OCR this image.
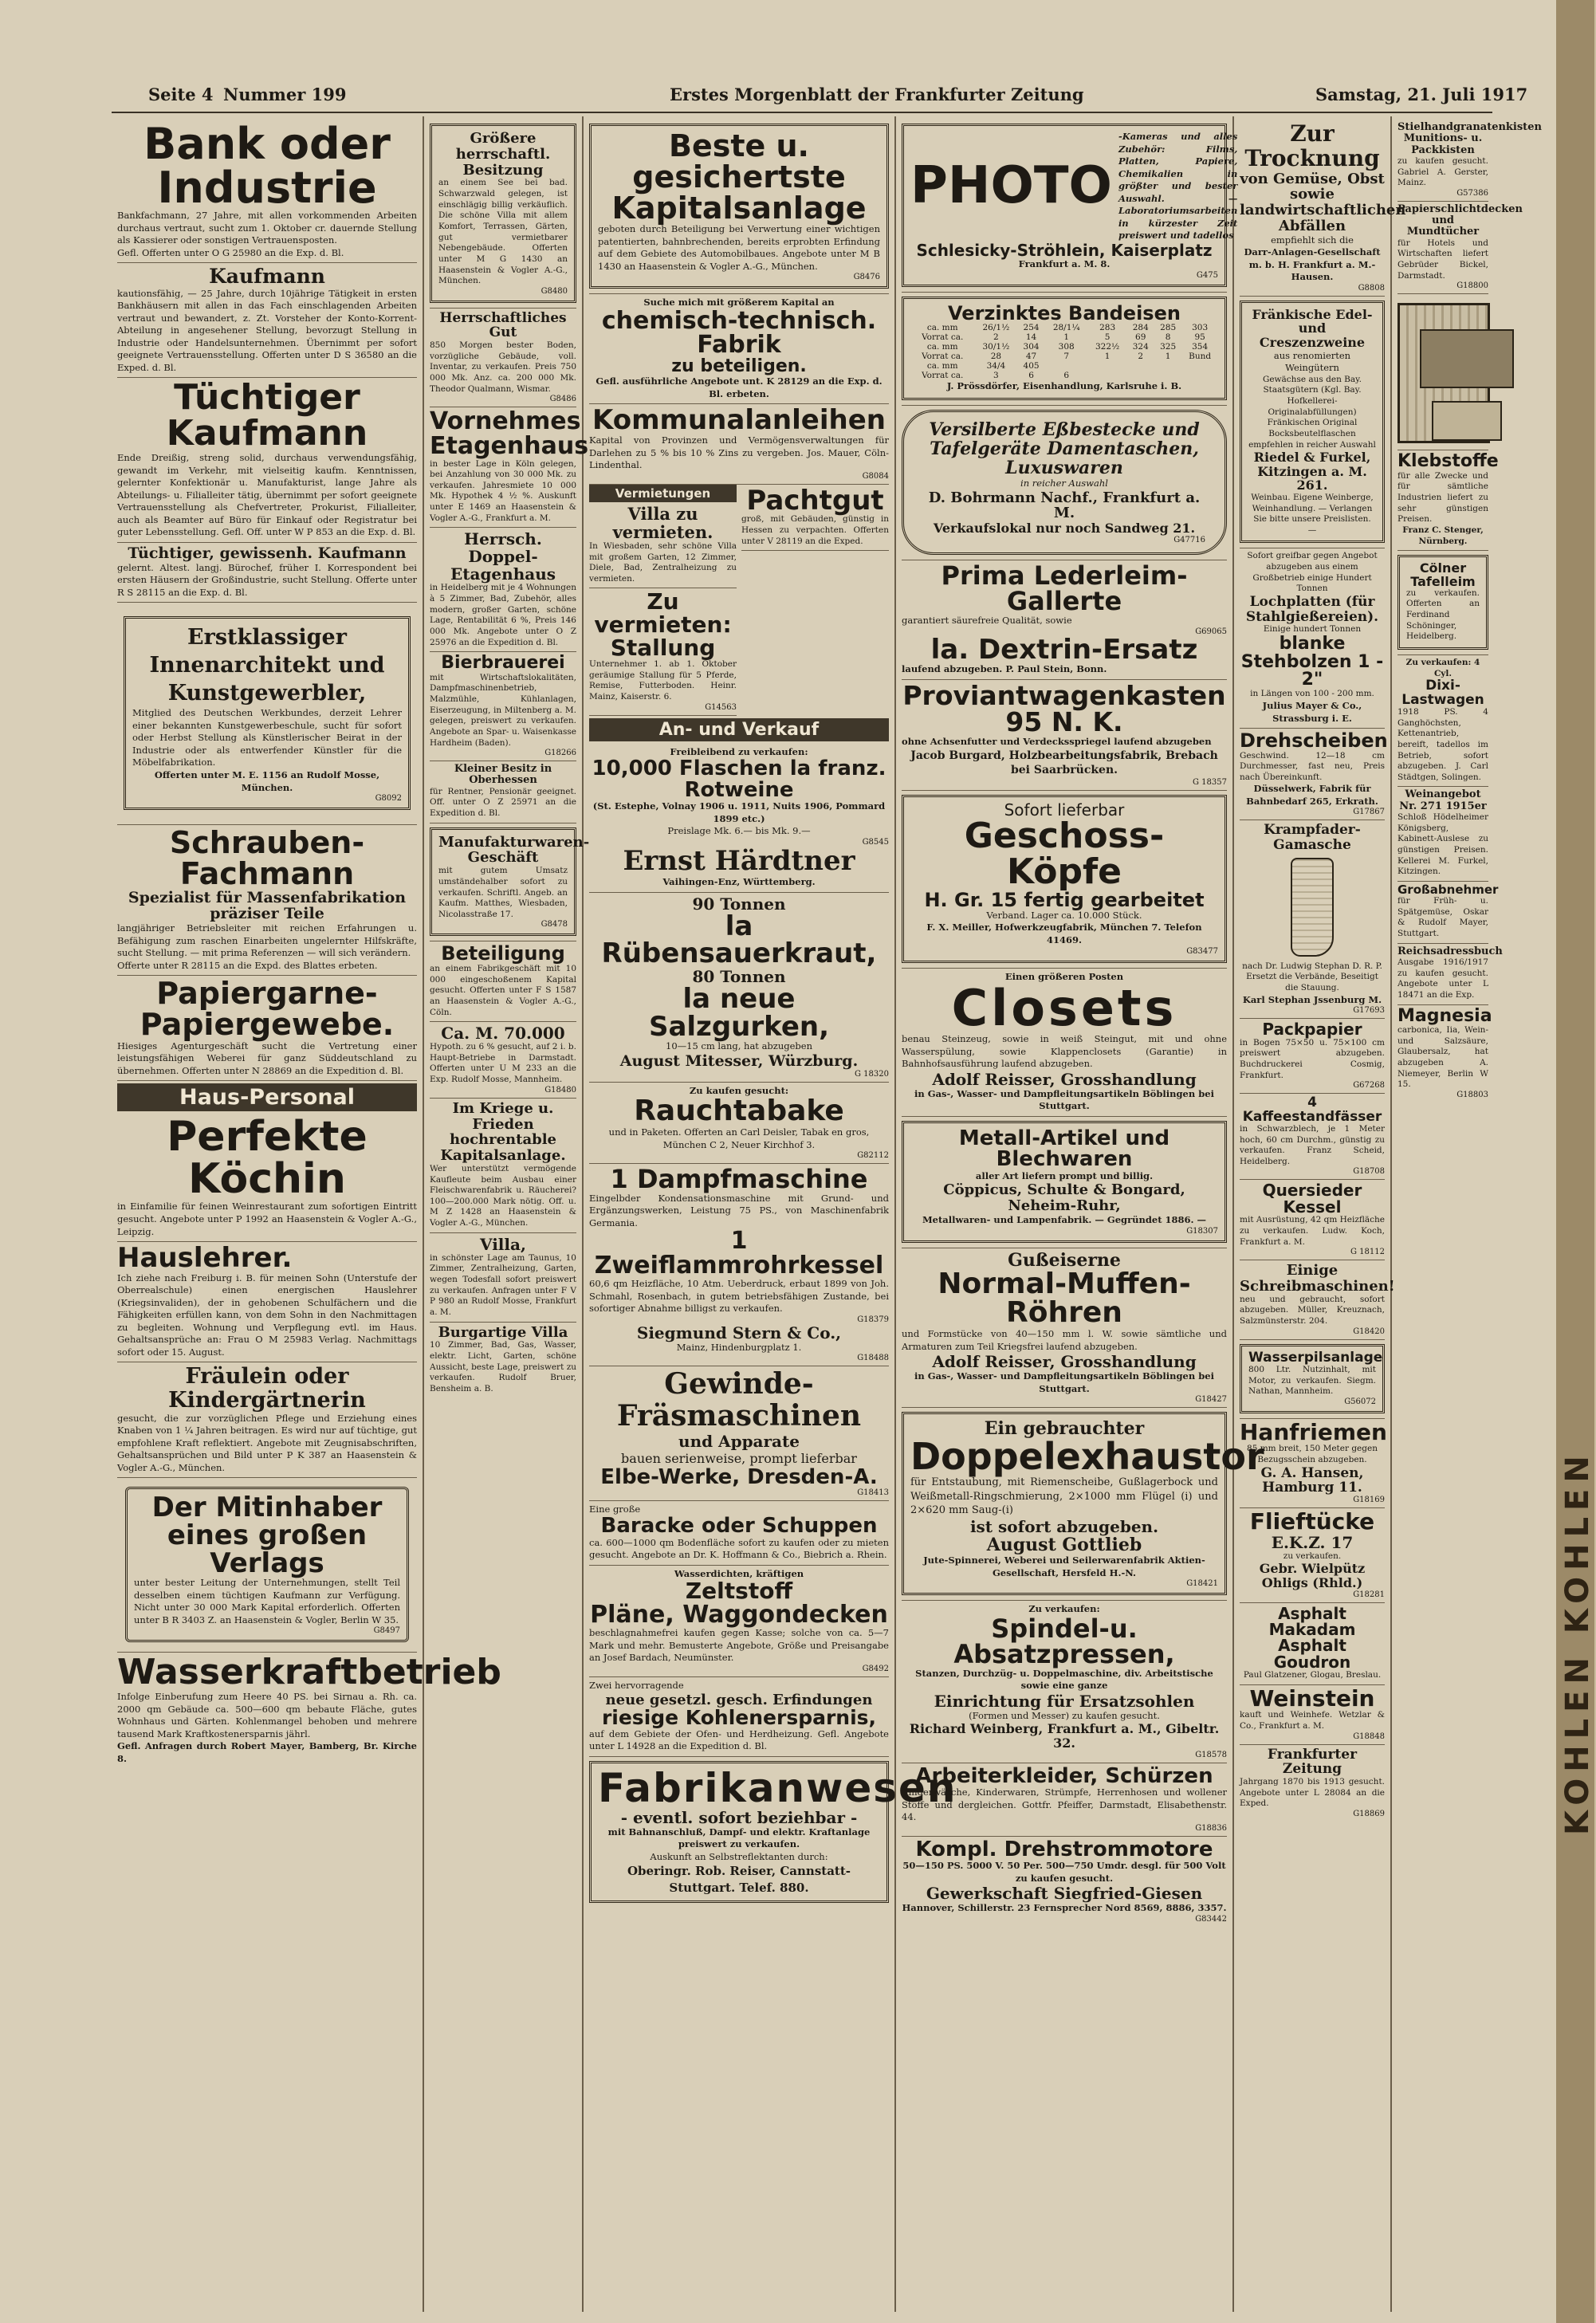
Seite 4 Nummer 199	Erstes Morgenblatt der Frankfurter Zeitung	Samstag, 21. Juli 1917
Bank oder Industrie
Bankfachmann, 27 Jahre, mit allen vorkommenden Arbeiten durchaus vertraut, sucht zum 1. Oktober cr. dauernde Stellung als Kassierer oder sonstigen Vertrauensposten.
Gefl. Offerten unter O G 25980 an die Exp. d. Bl.
Kaufmann
kautionsfähig, — 25 Jahre, durch 10jährige Tätigkeit in ersten Bankhäusern mit allen in das Fach einschlagenden Arbeiten vertraut und bewandert, z. Zt. Vorsteher der Konto-Korrent-Abteilung in angesehener Stellung, bevorzugt Stellung in Industrie oder Handelsunternehmen. Übernimmt per sofort geeignete Vertrauensstellung. Offerten unter D S 36580 an die Exped. d. Bl.
Tüchtiger Kaufmann
Ende Dreißig, streng solid, durchaus verwendungsfähig, gewandt im Verkehr, mit vielseitig kaufm. Kenntnissen, gelernter Konfektionär u. Manufakturist, lange Jahre als Abteilungs- u. Filialleiter tätig, übernimmt per sofort geeignete Vertrauensstellung als Chefvertreter, Prokurist, Filialleiter, auch als Beamter auf Büro für Einkauf oder Registratur bei guter Lebensstellung. Gefl. Off. unter W P 853 an die Exp. d. Bl.
Tüchtiger, gewissenh. Kaufmann
gelernt. Altest. langj. Bürochef, früher I. Korrespondent bei ersten Häusern der Großindustrie, sucht Stellung. Offerte unter R S 28115 an die Exp. d. Bl.
Erstklassiger Innenarchitekt und Kunstgewerbler,
Mitglied des Deutschen Werkbundes, derzeit Lehrer einer bekannten Kunstgewerbeschule, sucht für sofort oder Herbst Stellung als Künstlerischer Beirat in der Industrie oder als entwerfender Künstler für die Möbelfabrikation.
Offerten unter M. E. 1156 an Rudolf Mosse, München.
G8092
Schrauben-Fachmann
Spezialist für Massenfabrikation präziser Teile
langjähriger Betriebsleiter mit reichen Erfahrungen u. Befähigung zum raschen Einarbeiten ungelernter Hilfskräfte, sucht Stellung. — mit prima Referenzen — will sich verändern.
Offerte unter R 28115 an die Expd. des Blattes erbeten.
Papiergarne- Papiergewebe.
Hiesiges Agenturgeschäft sucht die Vertretung einer leistungsfähigen Weberei für ganz Süddeutschland zu übernehmen. Offerten unter N 28869 an die Expedition d. Bl.
Haus-Personal
Perfekte Köchin
in Einfamilie für feinen Weinrestaurant zum sofortigen Eintritt gesucht. Angebote unter P 1992 an Haasenstein & Vogler A.-G., Leipzig.
Hauslehrer.
Ich ziehe nach Freiburg i. B. für meinen Sohn (Unterstufe der Oberrealschule) einen energischen Hauslehrer (Kriegsinvaliden), der in gehobenen Schulfächern und die Fähigkeiten erfüllen kann, von dem Sohn in den Nachmittagen zu begleiten. Wohnung und Verpflegung evtl. im Haus. Gehaltsansprüche an: Frau O M 25983 Verlag. Nachmittags sofort oder 15. August.
Fräulein oder Kindergärtnerin
gesucht, die zur vorzüglichen Pflege und Erziehung eines Knaben von 1 ¼ Jahren beitragen. Es wird nur auf tüchtige, gut empfohlene Kraft reflektiert. Angebote mit Zeugnisabschriften, Gehaltsansprüchen und Bild unter P K 387 an Haasenstein & Vogler A.-G., München.
Der Mitinhaber eines großen Verlags
unter bester Leitung der Unternehmungen, stellt Teil desselben einem tüchtigen Kaufmann zur Verfügung. Nicht unter 30 000 Mark Kapital erforderlich. Offerten unter B R 3403 Z. an Haasenstein & Vogler, Berlin W 35.
G8497
Wasserkraftbetrieb
Infolge Einberufung zum Heere 40 PS. bei Sirnau a. Rh. ca. 2000 qm Gebäude ca. 500—600 qm bebaute Fläche, gutes Wohnhaus und Gärten. Kohlenmangel behoben und mehrere tausend Mark Kraftkostenersparnis jährl.
Gefl. Anfragen durch Robert Mayer, Bamberg, Br. Kirche 8.
Größere herrschaftl. Besitzung
an einem See bei bad. Schwarzwald gelegen, ist einschlägig billig verkäuflich. Die schöne Villa mit allem Komfort, Terrassen, Gärten, gut vermietbarer Nebengebäude. Offerten unter M G 1430 an Haasenstein & Vogler A.-G., München.
G8480
Herrschaftliches Gut
850 Morgen bester Boden, vorzügliche Gebäude, voll. Inventar, zu verkaufen. Preis 750 000 Mk. Anz. ca. 200 000 Mk. Theodor Qualmann, Wismar.
G8486
Vornehmes Etagenhaus
in bester Lage in Köln gelegen, bei Anzahlung von 30 000 Mk. zu verkaufen. Jahresmiete 10 000 Mk. Hypothek 4 ½ %. Auskunft unter E 1469 an Haasenstein & Vogler A.-G., Frankfurt a. M.
Herrsch. Doppel-Etagenhaus
in Heidelberg mit je 4 Wohnungen à 5 Zimmer, Bad, Zubehör, alles modern, großer Garten, schöne Lage, Rentabilität 6 %, Preis 146 000 Mk. Angebote unter O Z 25976 an die Expedition d. Bl.
Bierbrauerei
mit Wirtschaftslokalitäten, Dampfmaschinenbetrieb, Malzmühle, Kühlanlagen, Eiserzeugung, in Miltenberg a. M. gelegen, preiswert zu verkaufen. Angebote an Spar- u. Waisenkasse Hardheim (Baden).
G18266
Kleiner Besitz in Oberhessen
für Rentner, Pensionär geeignet. Off. unter O Z 25971 an die Expedition d. Bl.
Manufakturwaren-Geschäft
mit gutem Umsatz umständehalber sofort zu verkaufen. Schriftl. Angeb. an Kaufm. Matthes, Wiesbaden, Nicolasstraße 17.
G8478
Beteiligung
an einem Fabrikgeschäft mit 10 000 eingeschoßenem Kapital gesucht. Offerten unter F S 1587 an Haasenstein & Vogler A.-G., Cöln.
Ca. M. 70.000
Hypoth. zu 6 % gesucht, auf 2 i. b. Haupt-Betriebe in Darmstadt. Offerten unter U M 233 an die Exp. Rudolf Mosse, Mannheim.
G18480
Im Kriege u. Frieden hochrentable Kapitalsanlage.
Wer unterstützt vermögende Kaufleute beim Ausbau einer Fleischwarenfabrik u. Räucherei? 100—200.000 Mark nötig. Off. u. M Z 1428 an Haasenstein & Vogler A.-G., München.
Villa,
in schönster Lage am Taunus, 10 Zimmer, Zentralheizung, Garten, wegen Todesfall sofort preiswert zu verkaufen. Anfragen unter F V P 980 an Rudolf Mosse, Frankfurt a. M.
Burgartige Villa
10 Zimmer, Bad, Gas, Wasser, elektr. Licht, Garten, schöne Aussicht, beste Lage, preiswert zu verkaufen. Rudolf Bruer, Bensheim a. B.
Beste u. gesichertste Kapitalsanlage
geboten durch Beteiligung bei Verwertung einer wichtigen patentierten, bahnbrechenden, bereits erprobten Erfindung auf dem Gebiete des Automobilbaues. Angebote unter M B 1430 an Haasenstein & Vogler A.-G., München.
G8476
Suche mich mit größerem Kapital an
chemisch-technisch. Fabrik
zu beteiligen.
Gefl. ausführliche Angebote unt. K 28129 an die Exp. d. Bl. erbeten.
Kommunalanleihen
Kapital von Provinzen und Vermögensverwaltungen für Darlehen zu 5 % bis 10 % Zins zu vergeben. Jos. Mauer, Cöln-Lindenthal.
G8084
Vermietungen
Villa zu vermieten.
In Wiesbaden, sehr schöne Villa mit großem Garten, 12 Zimmer, Diele, Bad, Zentralheizung zu vermieten.
Zu vermieten: Stallung
Unternehmer 1. ab 1. Oktober geräumige Stallung für 5 Pferde, Remise, Futterboden. Heinr. Mainz, Kaiserstr. 6.
G14563
Pachtgut
groß, mit Gebäuden, günstig in Hessen zu verpachten. Offerten unter V 28119 an die Exped.
An- und Verkauf
Freibleibend zu verkaufen:
10,000 Flaschen la franz. Rotweine
(St. Estephe, Volnay 1906 u. 1911, Nuits 1906, Pommard 1899 etc.)
Preislage Mk. 6.— bis Mk. 9.—
G8545
Ernst Härdtner
Vaihingen-Enz, Württemberg.
90 Tonnen
la Rübensauerkraut,
80 Tonnen
la neue Salzgurken,
10—15 cm lang, hat abzugeben
August Mitesser, Würzburg.
G 18320
Zu kaufen gesucht:
Rauchtabake
und in Paketen. Offerten an Carl Deisler, Tabak en gros, München C 2, Neuer Kirchhof 3.
G82112
1 Dampfmaschine
Eingelbder Kondensationsmaschine mit Grund- und Ergänzungswerken, Leistung 75 PS., von Maschinenfabrik Germania.
1 Zweiflammrohrkessel
60,6 qm Heizfläche, 10 Atm. Ueberdruck, erbaut 1899 von Joh. Schmahl, Rosenbach, in gutem betriebsfähigen Zustande, bei sofortiger Abnahme billigst zu verkaufen.
G18379
Siegmund Stern & Co.,
Mainz, Hindenburgplatz 1.
G18488
Gewinde-Fräsmaschinen
und Apparate
bauen serienweise, prompt lieferbar
Elbe-Werke, Dresden-A.
G18413
Eine große
Baracke oder Schuppen
ca. 600—1000 qm Bodenfläche sofort zu kaufen oder zu mieten gesucht. Angebote an Dr. K. Hoffmann & Co., Biebrich a. Rhein.
Wasserdichten, kräftigen
Zeltstoff
Pläne, Waggondecken
beschlagnahmefrei kaufen gegen Kasse; solche von ca. 5—7 Mark und mehr. Bemusterte Angebote, Größe und Preisangabe an Josef Bardach, Neumünster.
G8492
Zwei hervorragende
neue gesetzl. gesch. Erfindungen
riesige Kohlenersparnis,
auf dem Gebiete der Ofen- und Herdheizung. Gefl. Angebote unter L 14928 an die Expedition d. Bl.
Fabrikanwesen
- eventl. sofort beziehbar -
mit Bahnanschluß, Dampf- und elektr. Kraftanlage preiswert zu verkaufen.
Auskunft an Selbstreflektanten durch:
Oberingr. Rob. Reiser, Cannstatt-Stuttgart. Telef. 880.
PHOTO
-Kameras und alles Zubehör: Films, Platten, Papiere, Chemikalien in größter und bester Auswahl. — Laboratoriumsarbeiten in kürzester Zeit preiswert und tadellos
Schlesicky-Ströhlein, Kaiserplatz
Frankfurt a. M. 8.
G475
Verzinktes Bandeisen
ca. mm	26/1½	254	28/1¼	283	284	285	303
Vorrat ca.	2	14	1	5	69	8	95
ca. mm	30/1½	304	308	322½	324	325	354
Vorrat ca.	28	47	7	1	2	1	Bund
ca. mm	34/4	405					
Vorrat ca.	3	6	6				
J. Prössdörfer, Eisenhandlung, Karlsruhe i. B.
Versilberte Eßbestecke und Tafelgeräte Damentaschen, Luxuswaren
in reicher Auswahl
D. Bohrmann Nachf., Frankfurt a. M.
Verkaufslokal nur noch Sandweg 21.
G47716
Prima Lederleim-Gallerte
garantiert säurefreie Qualität, sowie
G69065
la. Dextrin-Ersatz
laufend abzugeben. P. Paul Stein, Bonn.
Proviantwagenkasten 95 N. K.
ohne Achsenfutter und Verdecksspriegel laufend abzugeben
Jacob Burgard, Holzbearbeitungsfabrik, Brebach bei Saarbrücken.
G 18357
Sofort lieferbar
Geschoss-Köpfe
H. Gr. 15 fertig gearbeitet
Verband. Lager ca. 10.000 Stück.
F. X. Meiller, Hofwerkzeugfabrik, München 7. Telefon 41469.
G83477
Einen größeren Posten
Closets
benau Steinzeug, sowie in weiß Steingut, mit und ohne Wasserspülung, sowie Klappenclosets (Garantie) in Bahnhofsausführung laufend abzugeben.
Adolf Reisser, Grosshandlung
in Gas-, Wasser- und Dampfleitungsartikeln Böblingen bei Stuttgart.
Metall-Artikel und Blechwaren
aller Art liefern prompt und billig.
Cöppicus, Schulte & Bongard, Neheim-Ruhr,
Metallwaren- und Lampenfabrik. — Gegründet 1886. —
G18307
Gußeiserne
Normal-Muffen-Röhren
und Formstücke von 40—150 mm l. W. sowie sämtliche und Armaturen zum Teil Kriegsfrei laufend abzugeben.
Adolf Reisser, Grosshandlung
in Gas-, Wasser- und Dampfleitungsartikeln Böblingen bei Stuttgart.
G18427
Ein gebrauchter
Doppelexhaustor
für Entstaubung, mit Riemenscheibe, Gußlagerbock und Weißmetall-Ringschmierung, 2×1000 mm Flügel (i) und 2×620 mm Saug-(i)
ist sofort abzugeben.
August Gottlieb
Jute-Spinnerei, Weberei und Seilerwarenfabrik Aktien-Gesellschaft, Hersfeld H.-N.
G18421
Zu verkaufen:
Spindel-u. Absatzpressen,
Stanzen, Durchzüg- u. Doppelmaschine, div. Arbeitstische sowie eine ganze
Einrichtung für Ersatzsohlen
(Formen und Messer) zu kaufen gesucht.
Richard Weinberg, Frankfurt a. M., Gibeltr. 32.
G18578
Arbeiterkleider, Schürzen
Kinderwäsche, Kinderwaren, Strümpfe, Herrenhosen und wollener Stoffe und dergleichen. Gottfr. Pfeiffer, Darmstadt, Elisabethenstr. 44.
G18836
Kompl. Drehstrommotore
50—150 PS. 5000 V. 50 Per. 500—750 Umdr. desgl. für 500 Volt zu kaufen gesucht.
Gewerkschaft Siegfried-Giesen
Hannover, Schillerstr. 23 Fernsprecher Nord 8569, 8886, 3357.
G83442
Zur Trocknung
von Gemüse, Obst sowie landwirtschaftlichen Abfällen
empfiehlt sich die
Darr-Anlagen-Gesellschaft m. b. H. Frankfurt a. M.-Hausen.
G8808
Fränkische Edel- und Creszenzweine
aus renomierten Weingütern
Gewächse aus den Bay. Staatsgütern (Kgl. Bay. Hofkellerei-Originalabfüllungen) Fränkischen Original Bocksbeutelflaschen empfehlen in reicher Auswahl
Riedel & Furkel, Kitzingen a. M. 261.
Weinbau. Eigene Weinberge, Weinhandlung. — Verlangen Sie bitte unsere Preislisten. —
Sofort greifbar gegen Angebot abzugeben aus einem Großbetrieb einige Hundert Tonnen
Lochplatten (für Stahlgießereien).
Einige hundert Tonnen
blanke Stehbolzen 1 - 2"
in Längen von 100 - 200 mm.
Julius Mayer & Co., Strassburg i. E.
Drehscheiben
Geschwind. 12—18 cm Durchmesser, fast neu, Preis nach Übereinkunft.
Düsselwerk, Fabrik für Bahnbedarf 265, Erkrath.
G17867
Krampfader-Gamasche
nach Dr. Ludwig Stephan D. R. P. Ersetzt die Verbände, Beseitigt die Stauung.
Karl Stephan Jssenburg M.
G17693
Packpapier
in Bogen 75×50 u. 75×100 cm preiswert abzugeben. Buchdruckerei Cosmig, Frankfurt.
G67268
4 Kaffeestandfässer
in Schwarzblech, je 1 Meter hoch, 60 cm Durchm., günstig zu verkaufen. Franz Scheid, Heidelberg.
G18708
Quersieder Kessel
mit Ausrüstung, 42 qm Heizfläche zu verkaufen. Ludw. Koch, Frankfurt a. M.
G 18112
Einige Schreibmaschinen!
neu und gebraucht, sofort abzugeben. Müller, Kreuznach, Salzmünsterstr. 204.
G18420
Wasserpilsanlage
800 Ltr. Nutzinhalt, mit Motor, zu verkaufen. Siegm. Nathan, Mannheim.
G56072
Hanfriemen
85 mm breit, 150 Meter gegen Bezugsschein abzugeben.
G. A. Hansen, Hamburg 11.
G18169
Flieftücke
E.K.Z. 17
zu verkaufen.
Gebr. Wielpütz Ohligs (Rhld.)
G18281
Asphalt Makadam Asphalt Goudron
Paul Glatzener, Glogau, Breslau.
Weinstein
kauft und Weinhefe. Wetzlar & Co., Frankfurt a. M.
G18848
Frankfurter Zeitung
Jahrgang 1870 bis 1913 gesucht. Angebote unter L 28084 an die Exped.
G18869
Stielhandgranatenkisten Munitions- u. Packkisten
zu kaufen gesucht. Gabriel A. Gerster, Mainz.
G57386
Papierschlichtdecken und Mundtücher
für Hotels und Wirtschaften liefert Gebrüder Bickel, Darmstadt.
G18800
Klebstoffe
für alle Zwecke und für sämtliche Industrien liefert zu sehr günstigen Preisen.
Franz C. Stenger, Nürnberg.
Cölner Tafelleim
zu verkaufen. Offerten an Ferdinand Schöninger, Heidelberg.
Zu verkaufen: 4 Cyl.
Dixi-Lastwagen
1918 PS. 4 Ganghöchsten, Kettenantrieb, bereift, tadellos im Betrieb, sofort abzugeben. J. Carl Städtgen, Solingen.
Weinangebot Nr. 271 1915er
Schloß Hödelheimer Königsberg, Kabinett-Auslese zu günstigen Preisen. Kellerei M. Furkel, Kitzingen.
Großabnehmer
für Früh- u. Spätgemüse, Oskar & Rudolf Mayer, Stuttgart.
Reichsadressbuch
Ausgabe 1916/1917 zu kaufen gesucht. Angebote unter L 18471 an die Exp.
Magnesia
carbonica, Iia, Wein- und Salzsäure, Glaubersalz, hat abzugeben A. Niemeyer, Berlin W 15.
G18803
KOHLEN KOHLEN
